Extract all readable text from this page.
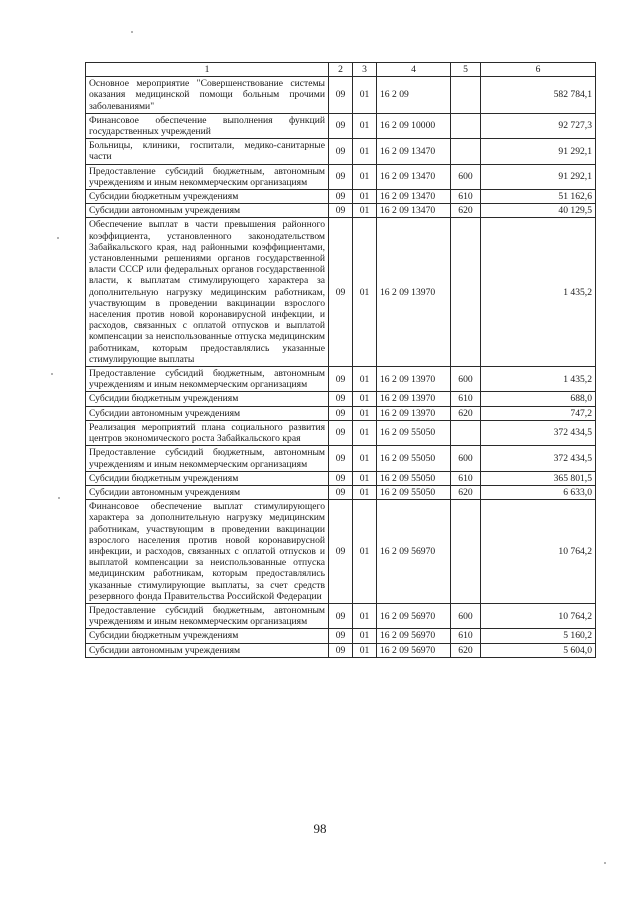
1	2	3	4	5	6
Основное мероприятие "Совершенствование системы оказания медицинской помощи больным прочими заболеваниями"	09	01	16 2 09		582 784,1
Финансовое обеспечение выполнения функций государственных учреждений	09	01	16 2 09 10000		92 727,3
Больницы, клиники, госпитали, медико-санитарные части	09	01	16 2 09 13470		91 292,1
Предоставление субсидий бюджетным, автономным учреждениям и иным некоммерческим организациям	09	01	16 2 09 13470	600	91 292,1
Субсидии бюджетным учреждениям	09	01	16 2 09 13470	610	51 162,6
Субсидии автономным учреждениям	09	01	16 2 09 13470	620	40 129,5
Обеспечение выплат в части превышения районного коэффициента, установленного законодательством Забайкальского края, над районными коэффициентами, установленными решениями органов государственной власти СССР или федеральных органов государственной власти, к выплатам стимулирующего характера за дополнительную нагрузку медицинским работникам, участвующим в проведении вакцинации взрослого населения против новой коронавирусной инфекции, и расходов, связанных с оплатой отпусков и выплатой компенсации за неиспользованные отпуска медицинским работникам, которым предоставлялись указанные стимулирующие выплаты	09	01	16 2 09 13970		1 435,2
Предоставление субсидий бюджетным, автономным учреждениям и иным некоммерческим организациям	09	01	16 2 09 13970	600	1 435,2
Субсидии бюджетным учреждениям	09	01	16 2 09 13970	610	688,0
Субсидии автономным учреждениям	09	01	16 2 09 13970	620	747,2
Реализация мероприятий плана социального развития центров экономического роста Забайкальского края	09	01	16 2 09 55050		372 434,5
Предоставление субсидий бюджетным, автономным учреждениям и иным некоммерческим организациям	09	01	16 2 09 55050	600	372 434,5
Субсидии бюджетным учреждениям	09	01	16 2 09 55050	610	365 801,5
Субсидии автономным учреждениям	09	01	16 2 09 55050	620	6 633,0
Финансовое обеспечение выплат стимулирующего характера за дополнительную нагрузку медицинским работникам, участвующим в проведении вакцинации взрослого населения против новой коронавирусной инфекции, и расходов, связанных с оплатой отпусков и выплатой компенсации за неиспользованные отпуска медицинским работникам, которым предоставлялись указанные стимулирующие выплаты, за счет средств резервного фонда Правительства Российской Федерации	09	01	16 2 09 56970		10 764,2
Предоставление субсидий бюджетным, автономным учреждениям и иным некоммерческим организациям	09	01	16 2 09 56970	600	10 764,2
Субсидии бюджетным учреждениям	09	01	16 2 09 56970	610	5 160,2
Субсидии автономным учреждениям	09	01	16 2 09 56970	620	5 604,0
98
